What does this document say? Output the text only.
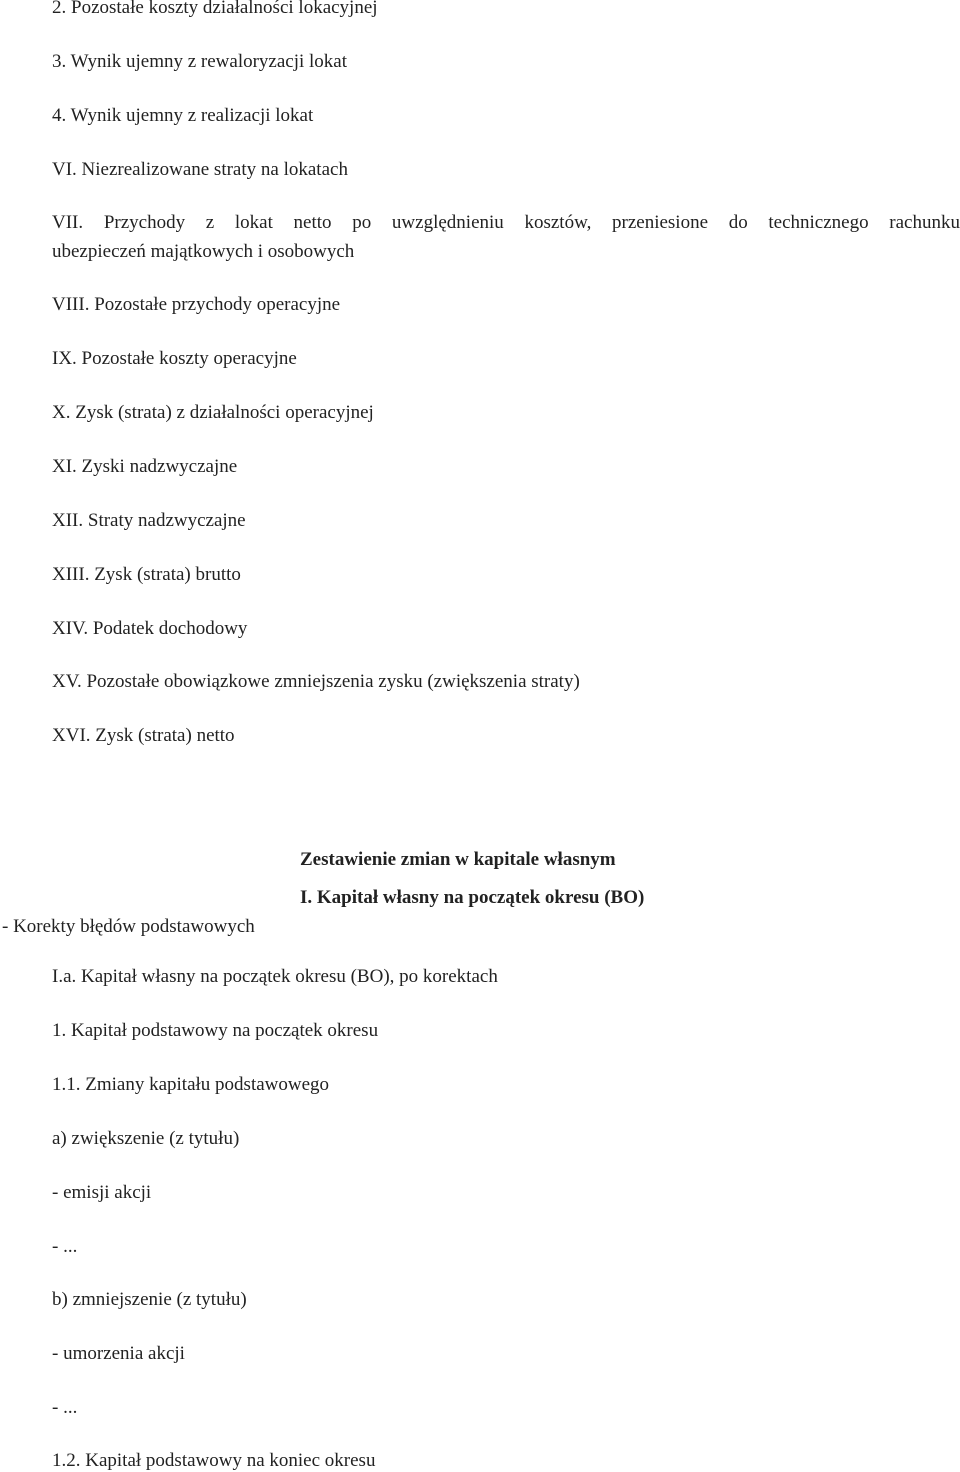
2. Pozostałe koszty działalności lokacyjnej
3. Wynik ujemny z rewaloryzacji lokat
4. Wynik ujemny z realizacji lokat
VI. Niezrealizowane straty na lokatach
VII. Przychody z lokat netto po uwzględnieniu kosztów, przeniesione do technicznego rachunku
ubezpieczeń majątkowych i osobowych
VIII. Pozostałe przychody operacyjne
IX. Pozostałe koszty operacyjne
X. Zysk (strata) z działalności operacyjnej
XI. Zyski nadzwyczajne
XII. Straty nadzwyczajne
XIII. Zysk (strata) brutto
XIV. Podatek dochodowy
XV. Pozostałe obowiązkowe zmniejszenia zysku (zwiększenia straty)
XVI. Zysk (strata) netto
Zestawienie zmian w kapitale własnym
I. Kapitał własny na początek okresu (BO)
- Korekty błędów podstawowych
I.a. Kapitał własny na początek okresu (BO), po korektach
1. Kapitał podstawowy na początek okresu
1.1. Zmiany kapitału podstawowego
a) zwiększenie (z tytułu)
- emisji akcji
- ...
b) zmniejszenie (z tytułu)
- umorzenia akcji
- ...
1.2. Kapitał podstawowy na koniec okresu
